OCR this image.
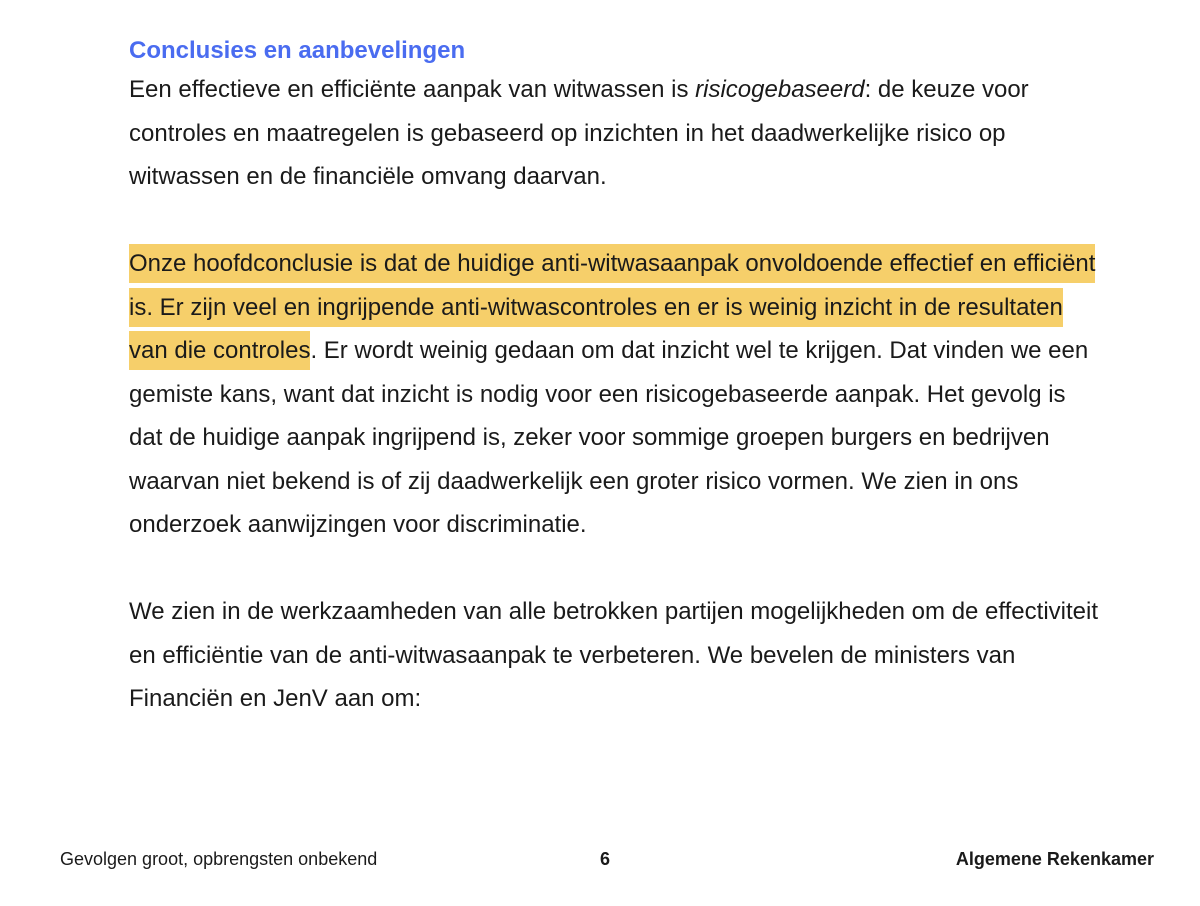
Conclusies en aanbevelingen

Een effectieve en efficiënte aanpak van witwassen is risicogebaseerd: de keuze voor controles en maatregelen is gebaseerd op inzichten in het daadwerkelijke risico op witwassen en de financiële omvang daarvan.

Onze hoofdconclusie is dat de huidige anti-witwasaanpak onvoldoende effectief en efficiënt is. Er zijn veel en ingrijpende anti-witwascontroles en er is weinig inzicht in de resultaten van die controles. Er wordt weinig gedaan om dat inzicht wel te krijgen. Dat vinden we een gemiste kans, want dat inzicht is nodig voor een risicogebaseerde aanpak. Het gevolg is dat de huidige aanpak ingrijpend is, zeker voor sommige groepen burgers en bedrijven waarvan niet bekend is of zij daadwerkelijk een groter risico vormen. We zien in ons onderzoek aanwijzingen voor discriminatie.

We zien in de werkzaamheden van alle betrokken partijen mogelijkheden om de effectiviteit en efficiëntie van de anti-witwasaanpak te verbeteren. We bevelen de ministers van Financiën en JenV aan om:

Gevolgen groot, opbrengsten onbekend	6	Algemene Rekenkamer
